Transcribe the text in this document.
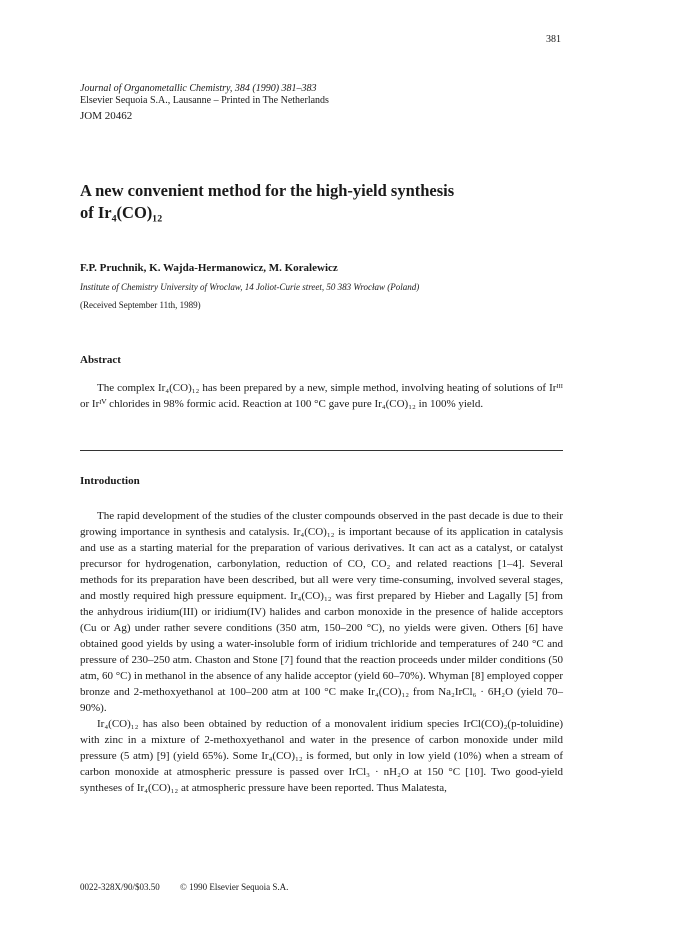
381
Journal of Organometallic Chemistry, 384 (1990) 381–383
Elsevier Sequoia S.A., Lausanne – Printed in The Netherlands
JOM 20462
A new convenient method for the high-yield synthesis
of Ir₄(CO)₁₂
F.P. Pruchnik, K. Wajda-Hermanowicz, M. Koralewicz
Institute of Chemistry University of Wroclaw, 14 Joliot-Curie street, 50 383 Wrocław (Poland)
(Received September 11th, 1989)
Abstract

The complex Ir₄(CO)₁₂ has been prepared by a new, simple method, involving heating of solutions of Irᴵᴵᴵ or Irᴵⱽ chlorides in 98% formic acid. Reaction at 100 °C gave pure Ir₄(CO)₁₂ in 100% yield.

Introduction

The rapid development of the studies of the cluster compounds observed in the past decade is due to their growing importance in synthesis and catalysis. Ir₄(CO)₁₂ is important because of its application in catalysis and use as a starting material for the preparation of various derivatives. It can act as a catalyst, or catalyst precursor for hydrogenation, carbonylation, reduction of CO, CO₂ and related reactions [1–4]. Several methods for its preparation have been described, but all were very time-consuming, involved several stages, and mostly required high pressure equipment. Ir₄(CO)₁₂ was first prepared by Hieber and Lagally [5] from the anhydrous iridium(III) or iridium(IV) halides and carbon monoxide in the presence of halide acceptors (Cu or Ag) under rather severe conditions (350 atm, 150–200 °C), no yields were given. Others [6] have obtained good yields by using a water-insoluble form of iridium trichloride and temperatures of 240 °C and pressure of 230–250 atm. Chaston and Stone [7] found that the reaction proceeds under milder conditions (50 atm, 60 °C) in methanol in the absence of any halide acceptor (yield 60–70%). Whyman [8] employed copper bronze and 2-methoxyethanol at 100–200 atm at 100 °C make Ir₄(CO)₁₂ from Na₂IrCl₆ · 6H₂O (yield 70–90%).

Ir₄(CO)₁₂ has also been obtained by reduction of a monovalent iridium species IrCl(CO)₂(p-toluidine) with zinc in a mixture of 2-methoxyethanol and water in the presence of carbon monoxide under mild pressure (5 atm) [9] (yield 65%). Some Ir₄(CO)₁₂ is formed, but only in low yield (10%) when a stream of carbon monoxide at atmospheric pressure is passed over IrCl₃ · nH₂O at 150 °C [10]. Two good-yield syntheses of Ir₄(CO)₁₂ at atmospheric pressure have been reported. Thus Malatesta,

0022-328X/90/$03.50 © 1990 Elsevier Sequoia S.A.
